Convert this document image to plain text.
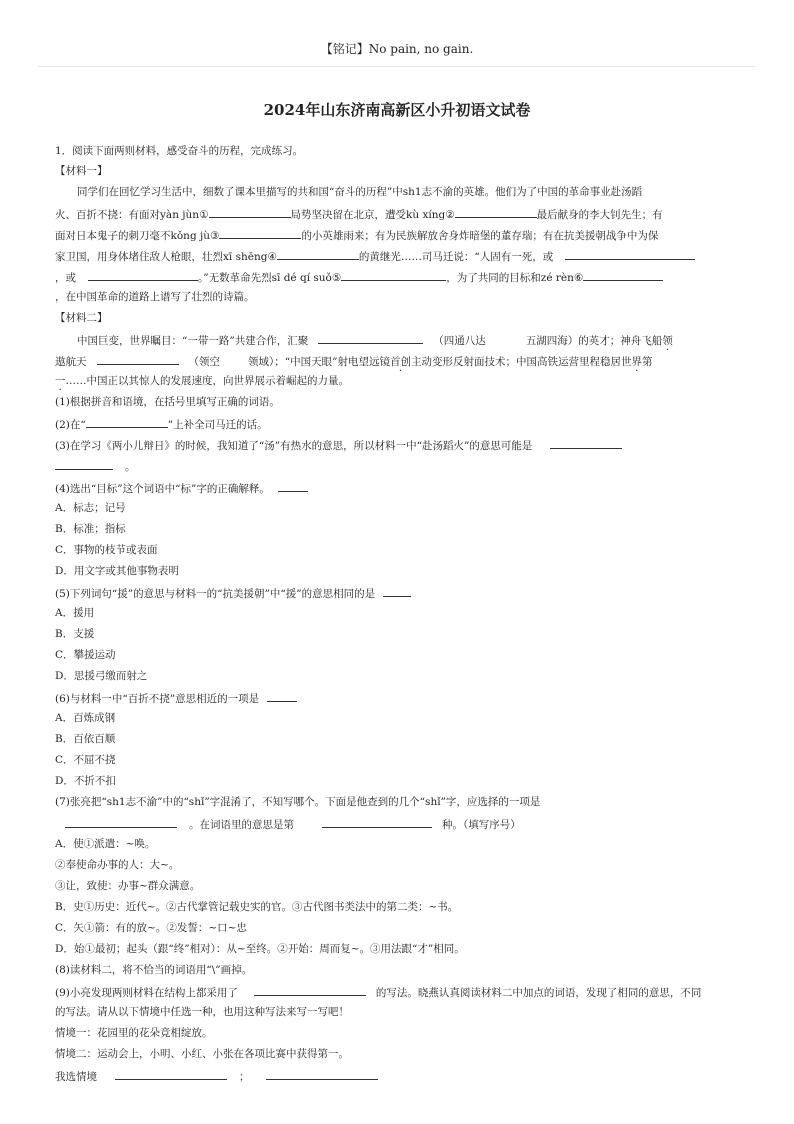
【铭记】No pain, no gain.
2024年山东济南高新区小升初语文试卷
1．阅读下面两则材料，感受奋斗的历程，完成练习。
【材料一】
同学们在回忆学习生活中，细数了课本里描写的共和国“奋斗的历程”中sh1志不渝的英雄。他们为了中国的革命事业赴汤蹈
火、百折不挠：有面对yàn jùn①	局势坚决留在北京，遭受kù xíng②	最后献身的李大钊先生；有
面对日本鬼子的刺刀毫不kǒng jù③	的小英雄雨来；有为民族解放舍身炸暗堡的董存瑞；有在抗美援朝战争中为保
家卫国，用身体堵住敌人枪眼，壮烈xī shēng④	的黄继光……司马迁说：“人固有一死，或
，或	。”无数革命先烈sī dé qí suǒ⑤	，为了共同的目标和zé rèn⑥
，在中国革命的道路上谱写了壮烈的诗篇。
【材料二】
中国巨变，世界瞩目：“一带一路”共建合作，汇聚	（四通八达	五湖四海）的英才；神舟飞船领
遨航天	（领空	领域）；“中国天眼”射电望远镜首创主动变形反射面技术；中国高铁运营里程稳居世界第
一……中国正以其惊人的发展速度，向世界展示着崛起的力量。
(1)根据拼音和语境，在括号里填写正确的词语。
(2)在“	”上补全司马迁的话。
(3)在学习《两小儿辩日》的时候，我知道了“汤”有热水的意思，所以材料一中“赴汤蹈火”的意思可能是
。
(4)选出“目标”这个词语中“标”字的正确解释。
A．标志；记号
B．标准；指标
C．事物的枝节或表面
D．用文字或其他事物表明
(5)下列词句“援”的意思与材料一的“抗美援朝”中“援”的意思相同的是
A．援用
B．支援
C．攀援运动
D．思援弓缴而射之
(6)与材料一中“百折不挠”意思相近的一项是
A．百炼成钢
B．百依百顺
C．不屈不挠
D．不折不扣
(7)张亮把“sh1志不渝”中的“shǐ”字混淆了，不知写哪个。下面是他查到的几个“shǐ”字，应选择的一项是
。在词语里的意思是第	种。（填写序号）
A．使①派遣：~唤。
②奉使命办事的人：大~。
③让，致使：办事~群众满意。
B．史①历史：近代~。②古代掌管记载史实的官。③古代图书类法中的第二类：~书。
C．矢①箭：有的放~。②发誓：~口~忠
D．始①最初；起头（跟“终”相对）：从~至终。②开始：周而复~。③用法跟“才”相同。
(8)读材料二，将不恰当的词语用“\”画掉。
(9)小亮发现两则材料在结构上都采用了	的写法。晓燕认真阅读材料二中加点的词语，发现了相同的意思，不同
的写法。请从以下情境中任选一种，也用这种写法来写一写吧！
情境一：花园里的花朵竞相绽放。
情境二：运动会上，小明、小红、小张在各项比赛中获得第一。
我选情境	；
